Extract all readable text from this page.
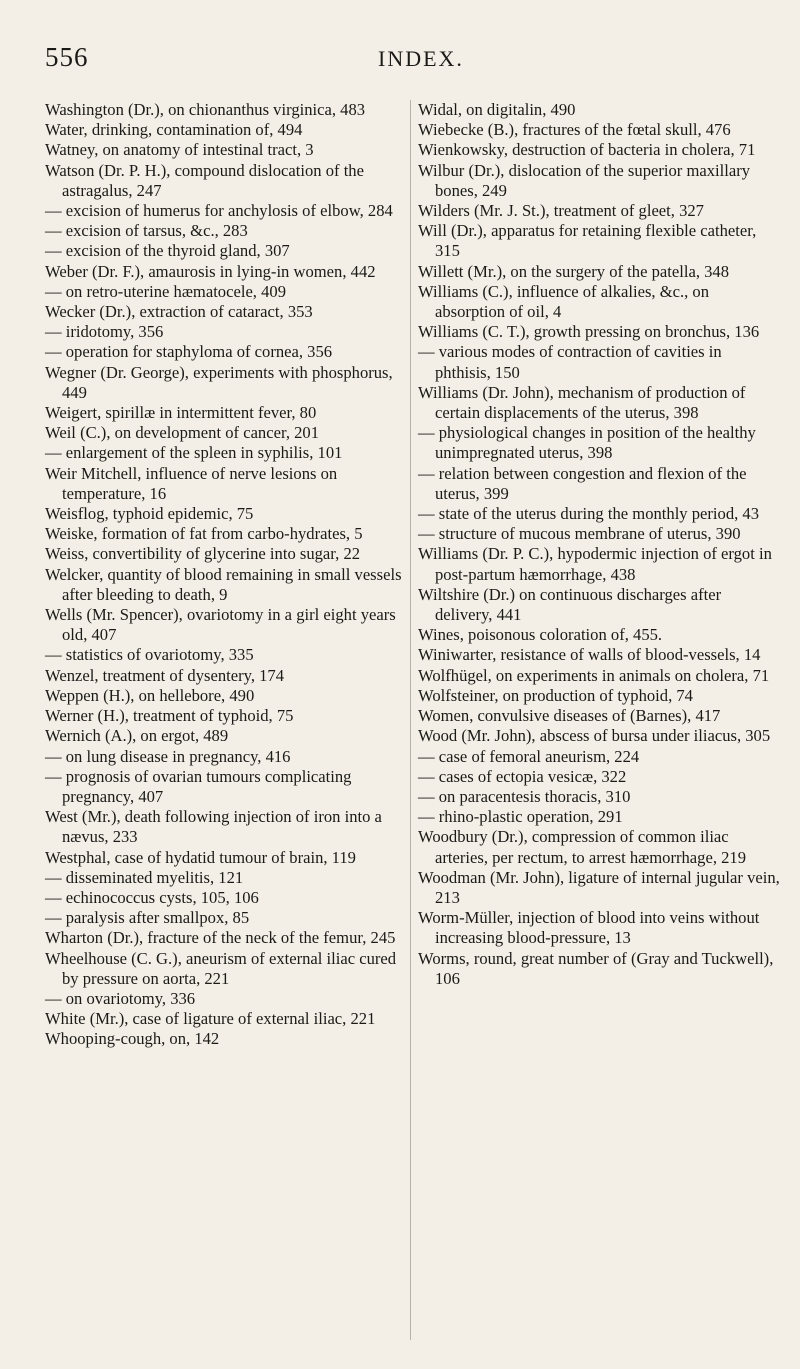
556	INDEX.

Washington (Dr.), on chionanthus virginica, 483

Water, drinking, contamination of, 494

Watney, on anatomy of intestinal tract, 3

Watson (Dr. P. H.), compound dislocation of the astragalus, 247

— excision of humerus for anchylosis of elbow, 284

— excision of tarsus, &c., 283

— excision of the thyroid gland, 307

Weber (Dr. F.), amaurosis in lying-in women, 442

— on retro-uterine hæmatocele, 409

Wecker (Dr.), extraction of cataract, 353

— iridotomy, 356

— operation for staphyloma of cornea, 356

Wegner (Dr. George), experiments with phosphorus, 449

Weigert, spirillæ in intermittent fever, 80

Weil (C.), on development of cancer, 201

— enlargement of the spleen in syphilis, 101

Weir Mitchell, influence of nerve lesions on temperature, 16

Weisflog, typhoid epidemic, 75

Weiske, formation of fat from carbo-hydrates, 5

Weiss, convertibility of glycerine into sugar, 22

Welcker, quantity of blood remaining in small vessels after bleeding to death, 9

Wells (Mr. Spencer), ovariotomy in a girl eight years old, 407

— statistics of ovariotomy, 335

Wenzel, treatment of dysentery, 174

Weppen (H.), on hellebore, 490

Werner (H.), treatment of typhoid, 75

Wernich (A.), on ergot, 489

— on lung disease in pregnancy, 416

— prognosis of ovarian tumours complicating pregnancy, 407

West (Mr.), death following injection of iron into a nævus, 233

Westphal, case of hydatid tumour of brain, 119

— disseminated myelitis, 121

— echinococcus cysts, 105, 106

— paralysis after smallpox, 85

Wharton (Dr.), fracture of the neck of the femur, 245

Wheelhouse (C. G.), aneurism of external iliac cured by pressure on aorta, 221

— on ovariotomy, 336

White (Mr.), case of ligature of external iliac, 221

Whooping-cough, on, 142

Widal, on digitalin, 490

Wiebecke (B.), fractures of the fœtal skull, 476

Wienkowsky, destruction of bacteria in cholera, 71

Wilbur (Dr.), dislocation of the superior maxillary bones, 249

Wilders (Mr. J. St.), treatment of gleet, 327

Will (Dr.), apparatus for retaining flexible catheter, 315

Willett (Mr.), on the surgery of the patella, 348

Williams (C.), influence of alkalies, &c., on absorption of oil, 4

Williams (C. T.), growth pressing on bronchus, 136

— various modes of contraction of cavities in phthisis, 150

Williams (Dr. John), mechanism of production of certain displacements of the uterus, 398

— physiological changes in position of the healthy unimpregnated uterus, 398

— relation between congestion and flexion of the uterus, 399

— state of the uterus during the monthly period, 43

— structure of mucous membrane of uterus, 390

Williams (Dr. P. C.), hypodermic injection of ergot in post-partum hæmorrhage, 438

Wiltshire (Dr.) on continuous discharges after delivery, 441

Wines, poisonous coloration of, 455.

Winiwarter, resistance of walls of blood-vessels, 14

Wolfhügel, on experiments in animals on cholera, 71

Wolfsteiner, on production of typhoid, 74

Women, convulsive diseases of (Barnes), 417

Wood (Mr. John), abscess of bursa under iliacus, 305

— case of femoral aneurism, 224

— cases of ectopia vesicæ, 322

— on paracentesis thoracis, 310

— rhino-plastic operation, 291

Woodbury (Dr.), compression of common iliac arteries, per rectum, to arrest hæmorrhage, 219

Woodman (Mr. John), ligature of internal jugular vein, 213

Worm-Müller, injection of blood into veins without increasing blood-pressure, 13

Worms, round, great number of (Gray and Tuckwell), 106
